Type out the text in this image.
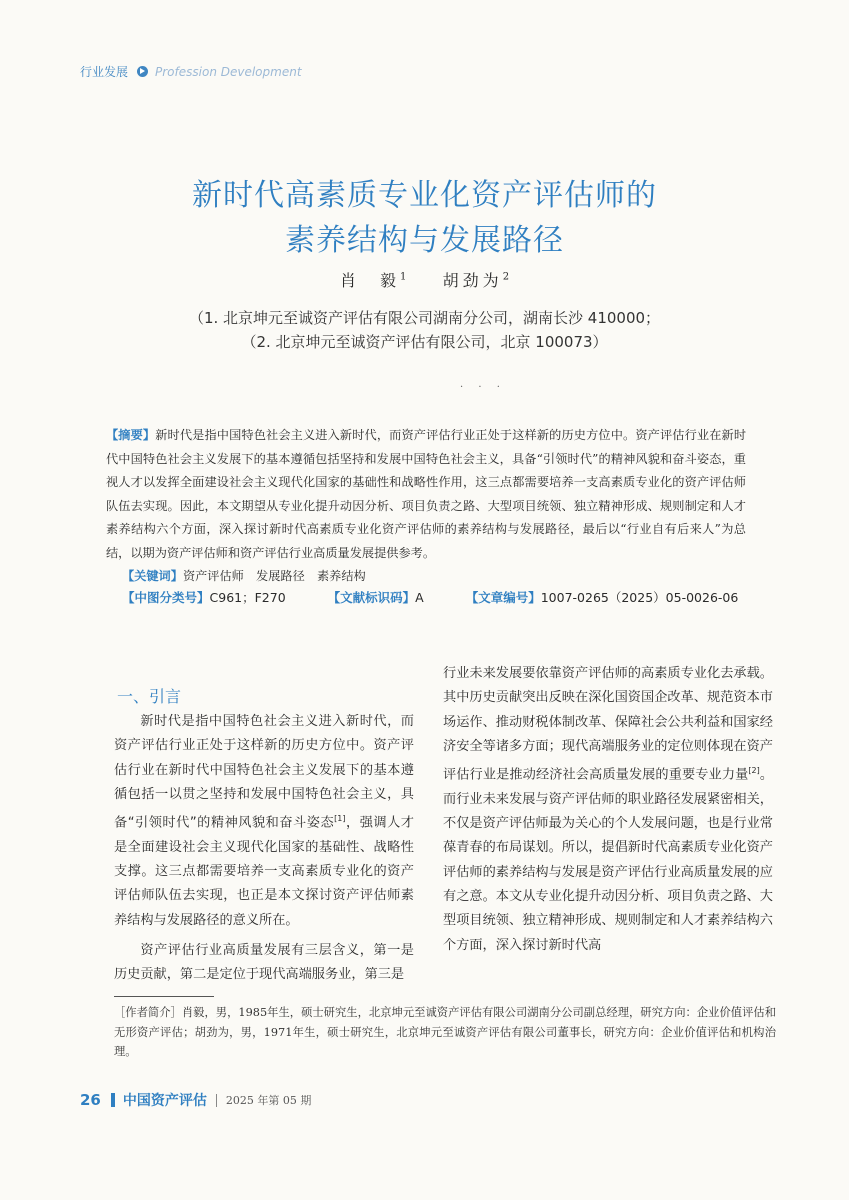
行业发展 Profession Development
新时代高素质专业化资产评估师的
素养结构与发展路径
肖　毅$^1$ 胡劲为$^2$
（1. 北京坤元至诚资产评估有限公司湖南分公司，湖南长沙 410000；
（2. 北京坤元至诚资产评估有限公司，北京 100073）
· · ·
【摘要】新时代是指中国特色社会主义进入新时代，而资产评估行业正处于这样新的历史方位中。资产评估行业在新时代中国特色社会主义发展下的基本遵循包括坚持和发展中国特色社会主义，具备“引领时代”的精神风貌和奋斗姿态，重视人才以发挥全面建设社会主义现代化国家的基础性和战略性作用，这三点都需要培养一支高素质专业化的资产评估师队伍去实现。因此，本文期望从专业化提升动因分析、项目负责之路、大型项目统领、独立精神形成、规则制定和人才素养结构六个方面，深入探讨新时代高素质专业化资产评估师的素养结构与发展路径，最后以“行业自有后来人”为总结，以期为资产评估师和资产评估行业高质量发展提供参考。
【关键词】资产评估师　发展路径　素养结构
【中图分类号】C961；F270	【文献标识码】A	【文章编号】1007-0265（2025）05-0026-06
一、引言

新时代是指中国特色社会主义进入新时代，而资产评估行业正处于这样新的历史方位中。资产评估行业在新时代中国特色社会主义发展下的基本遵循包括一以贯之坚持和发展中国特色社会主义，具备“引领时代”的精神风貌和奋斗姿态[1]，强调人才是全面建设社会主义现代化国家的基础性、战略性支撑。这三点都需要培养一支高素质专业化的资产评估师队伍去实现，也正是本文探讨资产评估师素养结构与发展路径的意义所在。

资产评估行业高质量发展有三层含义，第一是历史贡献，第二是定位于现代高端服务业，第三是

行业未来发展要依靠资产评估师的高素质专业化去承载。其中历史贡献突出反映在深化国资国企改革、规范资本市场运作、推动财税体制改革、保障社会公共利益和国家经济安全等诸多方面；现代高端服务业的定位则体现在资产评估行业是推动经济社会高质量发展的重要专业力量[2]。而行业未来发展与资产评估师的职业路径发展紧密相关，不仅是资产评估师最为关心的个人发展问题，也是行业常葆青春的布局谋划。所以，提倡新时代高素质专业化资产评估师的素养结构与发展是资产评估行业高质量发展的应有之意。本文从专业化提升动因分析、项目负责之路、大型项目统领、独立精神形成、规则制定和人才素养结构六个方面，深入探讨新时代高

［作者简介］肖毅，男，1985年生，硕士研究生，北京坤元至诚资产评估有限公司湖南分公司副总经理，研究方向：企业价值评估和无形资产评估；胡劲为，男，1971年生，硕士研究生，北京坤元至诚资产评估有限公司董事长，研究方向：企业价值评估和机构治理。
26 中国资产评估 2025 年第 05 期
